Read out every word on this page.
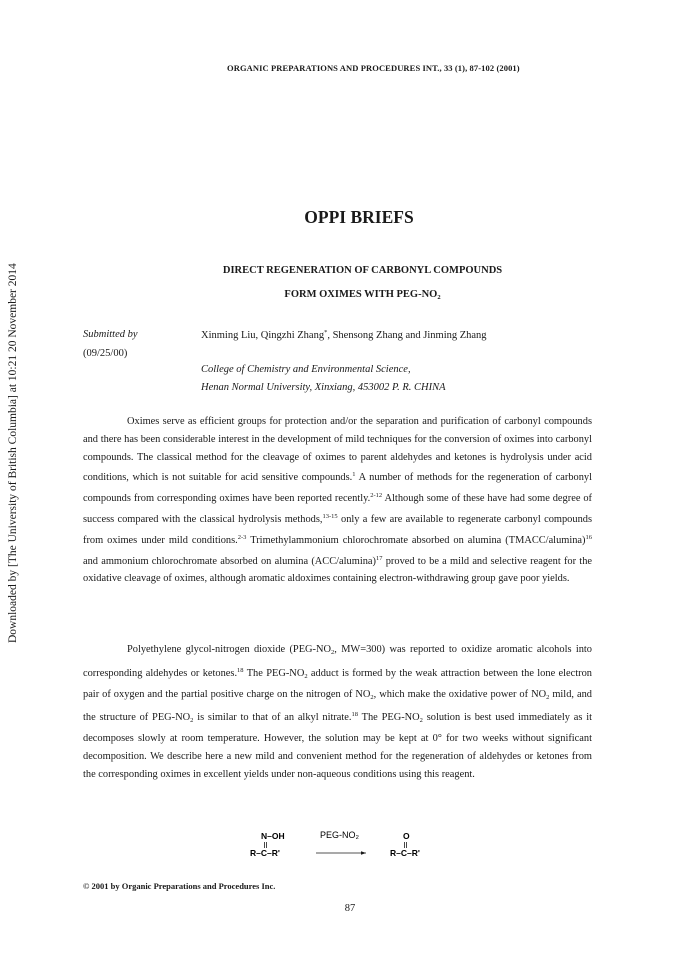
Downloaded by [The University of British Columbia] at 10:21 20 November 2014
ORGANIC PREPARATIONS AND PROCEDURES INT., 33 (1), 87-102 (2001)
OPPI BRIEFS
DIRECT REGENERATION OF CARBONYL COMPOUNDS
FORM OXIMES WITH PEG-$NO_2$
Submitted by
(09/25/00)
Xinming Liu, Qingzhi Zhang*, Shensong Zhang and Jinming Zhang
College of Chemistry and Environmental Science,
Henan Normal University, Xinxiang, 453002 P. R. CHINA

Oximes serve as efficient groups for protection and/or the separation and purification of carbonyl compounds and there has been considerable interest in the development of mild techniques for the conversion of oximes into carbonyl compounds. The classical method for the cleavage of oximes to parent aldehydes and ketones is hydrolysis under acid conditions, which is not suitable for acid sensitive compounds.$^1$ A number of methods for the regeneration of carbonyl compounds from corresponding oximes have been reported recently.$^{2-12}$ Although some of these have had some degree of success compared with the classical hydrolysis methods,$^{13-15}$ only a few are available to regenerate carbonyl compounds from oximes under mild conditions.$^{2-3}$ Trimethylammonium chlorochromate absorbed on alumina (TMACC/alumina)$^{16}$ and ammonium chlorochromate absorbed on alumina $(ACC/alumina)^{17}$ proved to be a mild and selective reagent for the oxidative cleavage of oximes, although aromatic aldoximes containing electron-withdrawing group gave poor yields.

Polyethylene glycol-nitrogen dioxide ($PEG-NO_2$, MW=300) was reported to oxidize aromatic alcohols into corresponding aldehydes or ketones.$^{18}$ The PEG-$NO_2$ adduct is formed by the weak attraction between the lone electron pair of oxygen and the partial positive charge on the nitrogen of $NO_2$, which make the oxidative power of $NO_2$ mild, and the structure of PEG-$NO_2$ is similar to that of an alkyl nitrate.$^{18}$ The PEG-$NO_2$ solution is best used immediately as it decomposes slowly at room temperature. However, the solution may be kept at 0° for two weeks without significant decomposition. We describe here a new mild and convenient method for the regeneration of aldehydes or ketones from the corresponding oximes in excellent yields under non-aqueous conditions using this reagent.

N–OH
R–C–R'
PEG-NO₂	O
R–C–R'
© 2001 by Organic Preparations and Procedures Inc.
87
